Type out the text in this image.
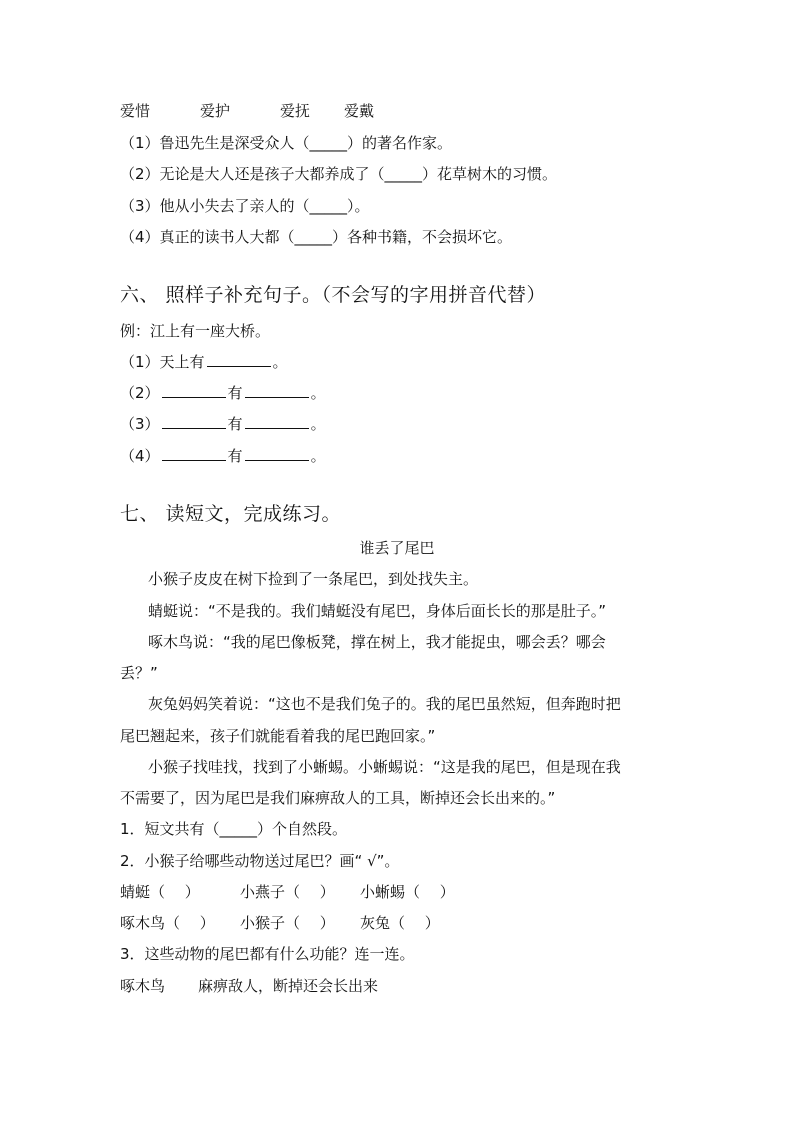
爱惜	爱护	爱抚 爱戴
（1）鲁迅先生是深受众人（_____）的著名作家。
（2）无论是大人还是孩子大都养成了（_____）花草树木的习惯。
（3）他从小失去了亲人的（_____）。
（4）真正的读书人大都（_____）各种书籍，不会损坏它。
六、 照样子补充句子。（不会写的字用拼音代替）
例：江上有一座大桥。
（1）天上有	。
（2）	有	。
（3）	有	。
（4）	有	。
七、 读短文，完成练习。
谁丢了尾巴
小猴子皮皮在树下捡到了一条尾巴，到处找失主。
蜻蜓说：“不是我的。我们蜻蜓没有尾巴，身体后面长长的那是肚子。”
啄木鸟说：“我的尾巴像板凳，撑在树上，我才能捉虫，哪会丢？哪会
丢？”
灰兔妈妈笑着说：“这也不是我们兔子的。我的尾巴虽然短，但奔跑时把
尾巴翘起来，孩子们就能看着我的尾巴跑回家。”
小猴子找哇找，找到了小蜥蜴。小蜥蜴说：“这是我的尾巴，但是现在我
不需要了，因为尾巴是我们麻痹敌人的工具，断掉还会长出来的。”
1．短文共有（_____）个自然段。
2．小猴子给哪些动物送过尾巴？画“ √”。
蜻蜓（　 ）	小燕子（　 ） 小蜥蜴（　 ）
啄木鸟（　 ） 小猴子（　 ） 灰兔（　 ）
3．这些动物的尾巴都有什么功能？连一连。
啄木鸟 麻痹敌人，断掉还会长出来
